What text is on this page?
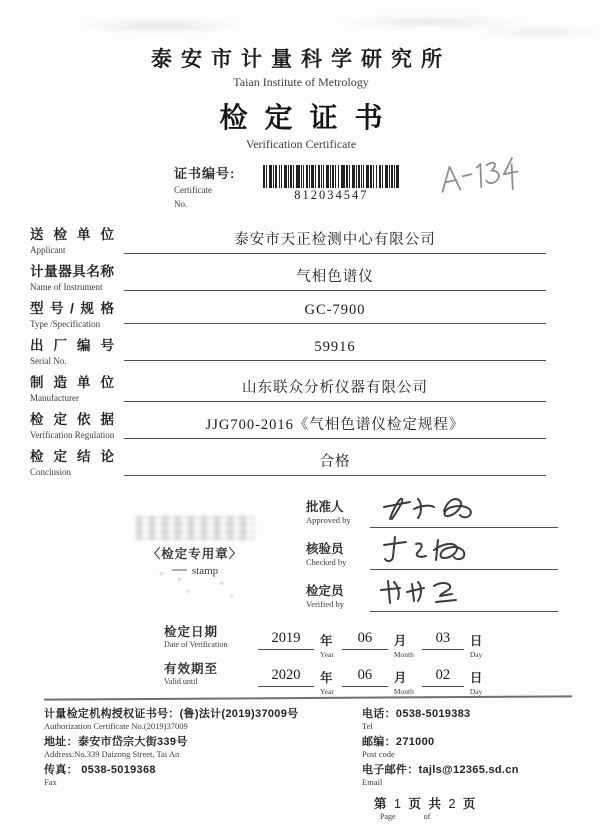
泰安市计量科学研究所
Taian Institute of Metrology
检定证书
Verification Certificate
证书编号:
Certificate
No.
812034547
送检单位
Applicant
泰安市天正检测中心有限公司
计量器具名称
Name of Instrument
气相色谱仪
型号/规格
Type /Specification
GC-7900
出厂编号
Serial No.
59916
制造单位
Manufacturer
山东联众分析仪器有限公司
检定依据
Verification Regulation
JJG700-2016《气相色谱仪检定规程》
检定结论
Conclusion
合格
〈检定专用章〉
stamp
批准人
Approved by
核验员
Checked by
检定员
Verified by
检定日期
Date of Verification	2019	年
Year
06	月
Month
03	日
Day
有效期至
Valid until	2020	年
Year
06	月
Month
02	日
Day
计量检定机构授权证书号：(鲁)法计(2019)37009号
Authorization Certificate No.(2019)37009
地址：泰安市岱宗大街339号
Address:No.339 Daizong Street, Tai An
传真： 0538-5019368
Fax
电话：0538-5019383
Tel
邮编：271000
Post code
电子邮件：tajls@12365.sd.cn
Email
第 1 页 共 2 页
Page	of
